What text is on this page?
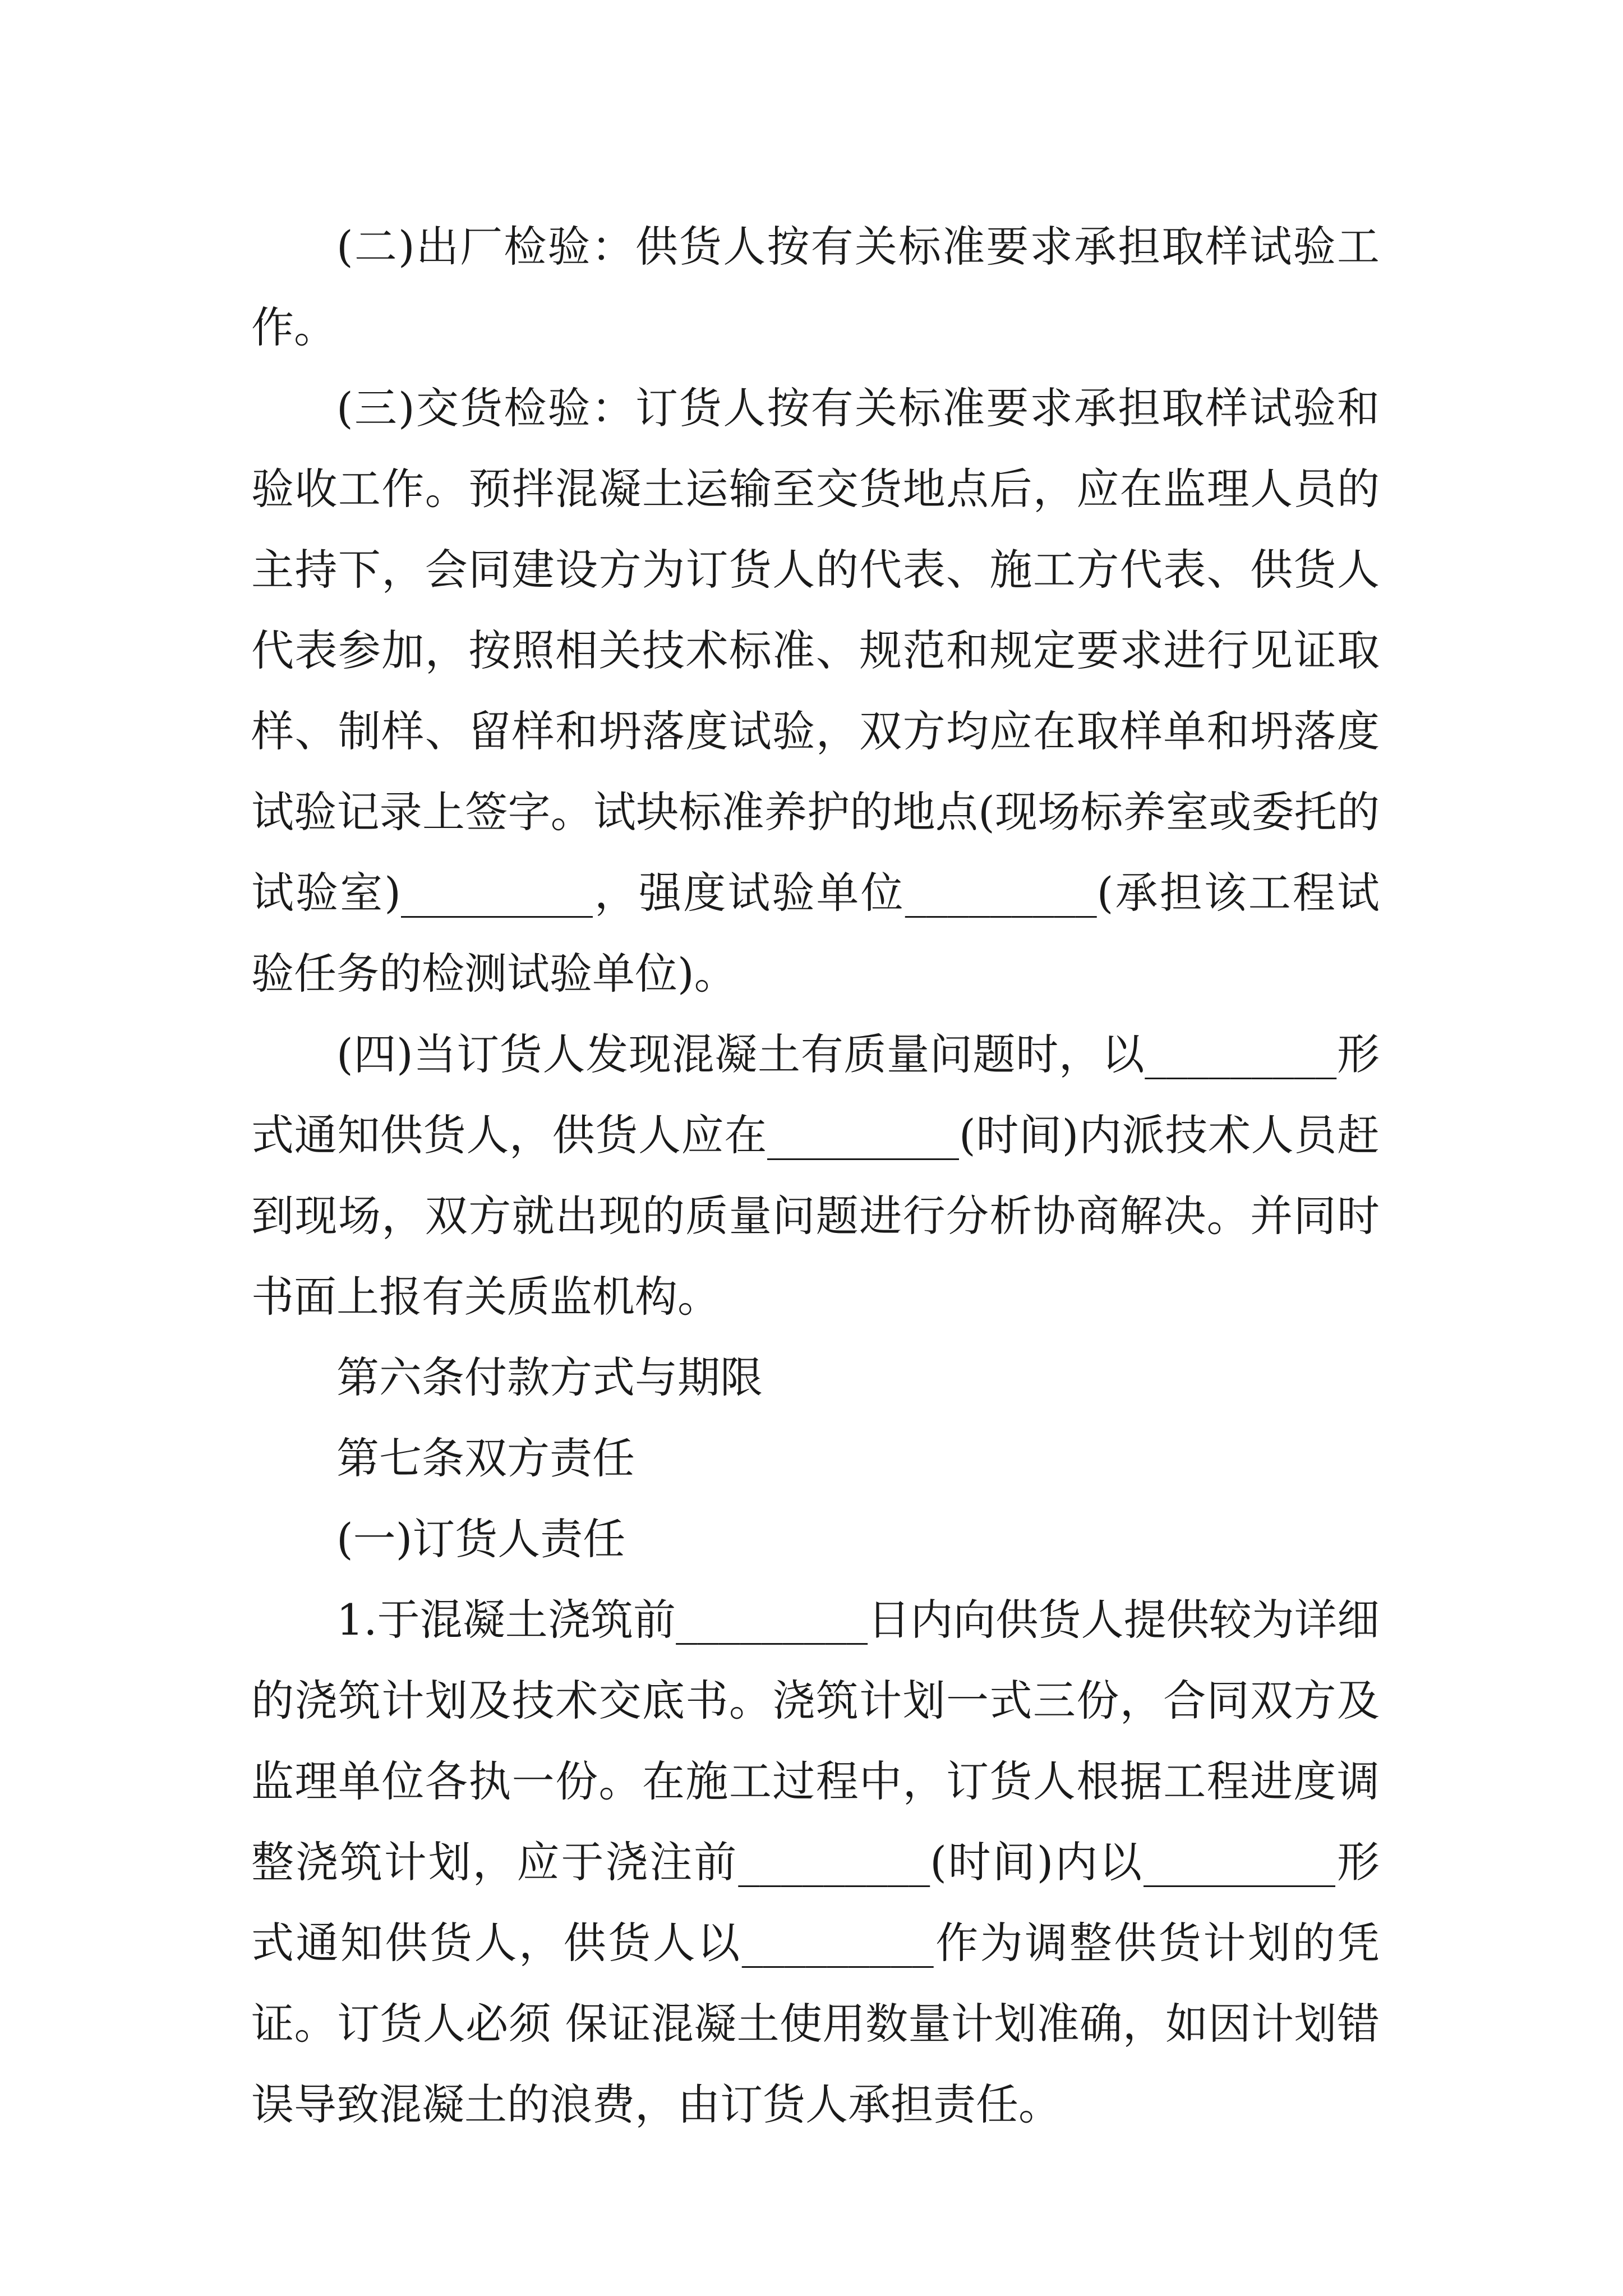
(二)出厂检验：供货人按有关标准要求承担取样试验工作。

(三)交货检验：订货人按有关标准要求承担取样试验和验收工作。预拌混凝土运输至交货地点后，应在监理人员的主持下，会同建设方为订货人的代表、施工方代表、供货人代表参加，按照相关技术标准、规范和规定要求进行见证取样、制样、留样和坍落度试验，双方均应在取样单和坍落度试验记录上签字。试块标准养护的地点(现场标养室或委托的试验室)_________，强度试验单位_________(承担该工程试验任务的检测试验单位)。

(四)当订货人发现混凝土有质量问题时，以_________形式通知供货人，供货人应在_________(时间)内派技术人员赶到现场，双方就出现的质量问题进行分析协商解决。并同时书面上报有关质监机构。

第六条付款方式与期限

第七条双方责任

(一)订货人责任

1.于混凝土浇筑前_________日内向供货人提供较为详细的浇筑计划及技术交底书。浇筑计划一式三份，合同双方及监理单位各执一份。在施工过程中，订货人根据工程进度调整浇筑计划，应于浇注前_________(时间)内以_________形式通知供货人，供货人以_________作为调整供货计划的凭证。订货人必须 保证混凝土使用数量计划准确，如因计划错误导致混凝土的浪费，由订货人承担责任。
